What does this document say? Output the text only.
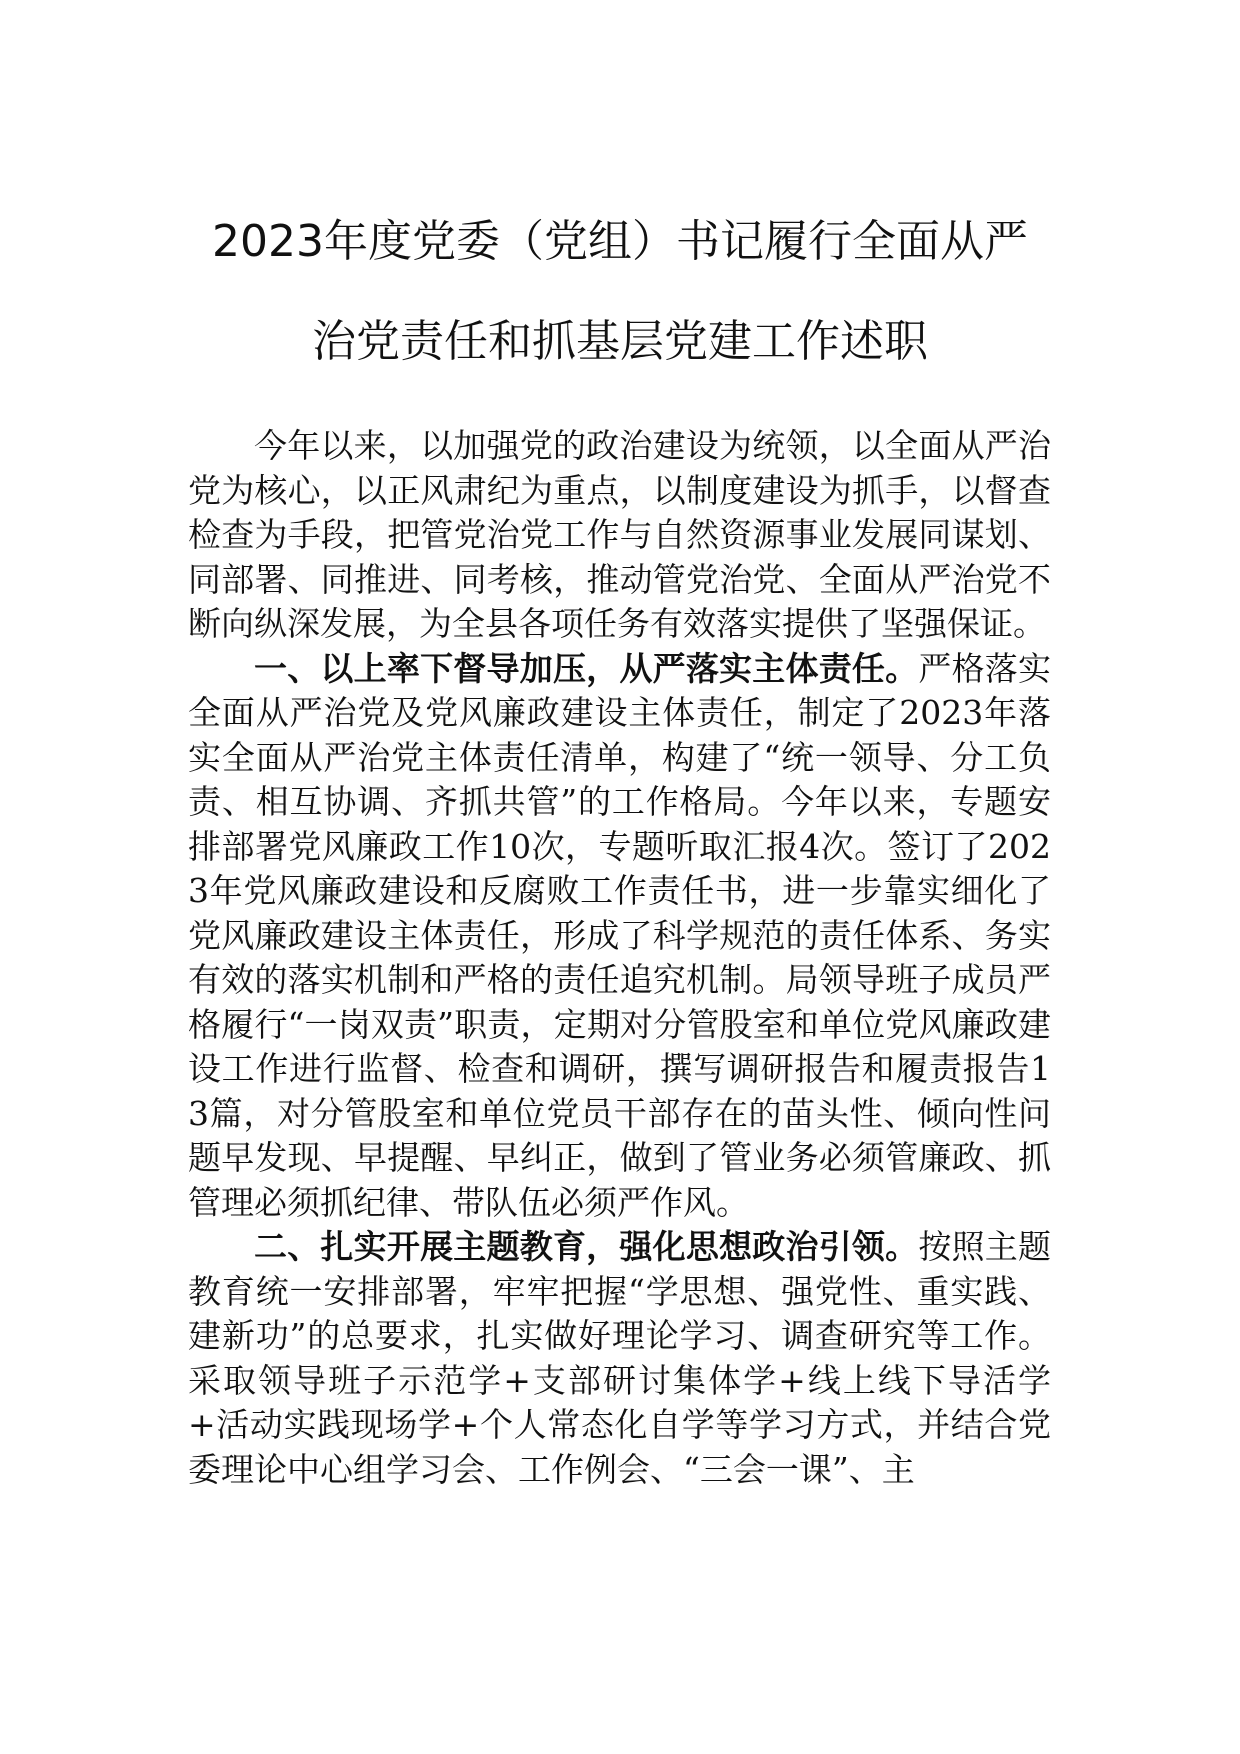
2023年度党委（党组）书记履行全面从严
治党责任和抓基层党建工作述职

今年以来，以加强党的政治建设为统领，以全面从严治党为核心，以正风肃纪为重点，以制度建设为抓手，以督查检查为手段，把管党治党工作与自然资源事业发展同谋划、同部署、同推进、同考核，推动管党治党、全面从严治党不断向纵深发展，为全县各项任务有效落实提供了坚强保证。

一、以上率下督导加压，从严落实主体责任。严格落实全面从严治党及党风廉政建设主体责任，制定了2023年落实全面从严治党主体责任清单，构建了“统一领导、分工负责、相互协调、齐抓共管”的工作格局。今年以来，专题安排部署党风廉政工作10次，专题听取汇报4次。签订了2023年党风廉政建设和反腐败工作责任书，进一步靠实细化了党风廉政建设主体责任，形成了科学规范的责任体系、务实有效的落实机制和严格的责任追究机制。局领导班子成员严格履行“一岗双责”职责，定期对分管股室和单位党风廉政建设工作进行监督、检查和调研，撰写调研报告和履责报告13篇，对分管股室和单位党员干部存在的苗头性、倾向性问题早发现、早提醒、早纠正，做到了管业务必须管廉政、抓管理必须抓纪律、带队伍必须严作风。

二、扎实开展主题教育，强化思想政治引领。按照主题教育统一安排部署，牢牢把握“学思想、强党性、重实践、建新功”的总要求，扎实做好理论学习、调查研究等工作。采取领导班子示范学+支部研讨集体学+线上线下导活学+活动实践现场学+个人常态化自学等学习方式，并结合党委理论中心组学习会、工作例会、“三会一课”、主
